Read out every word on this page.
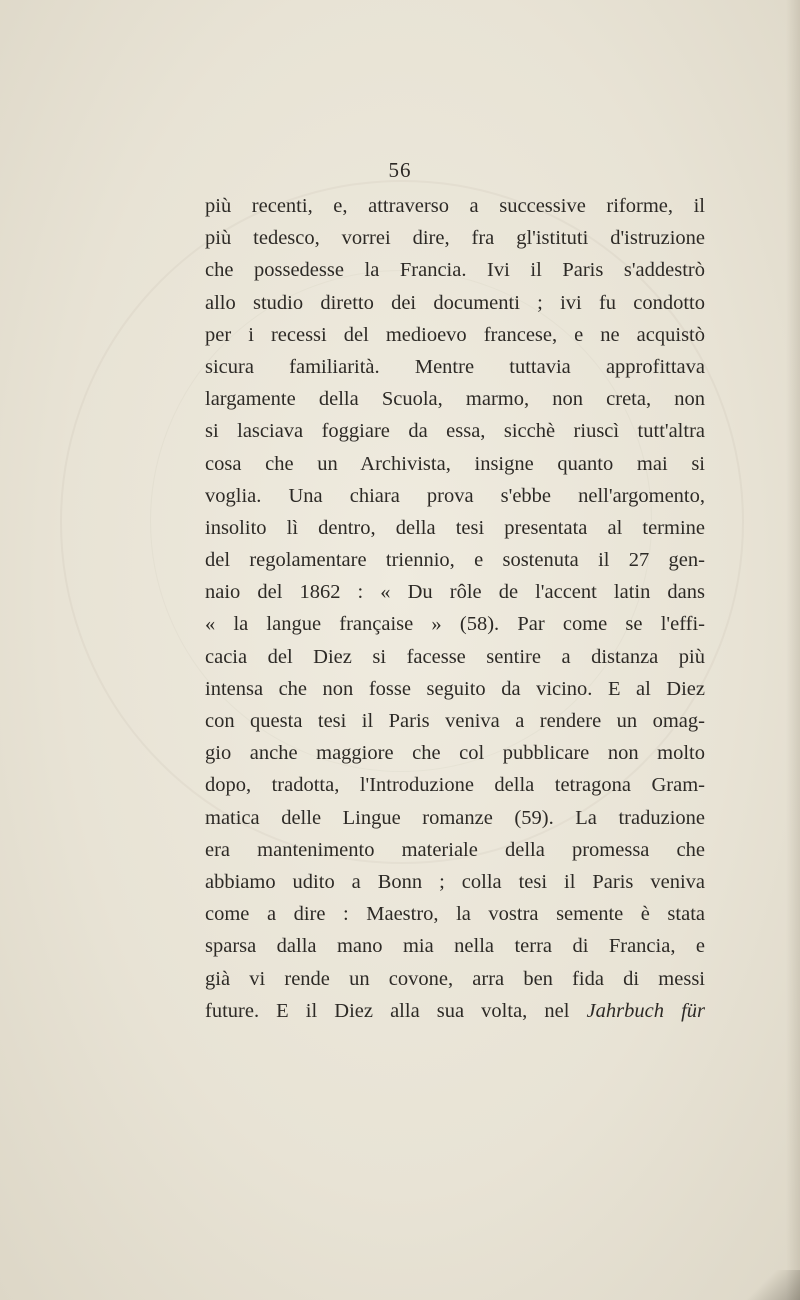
56
più recenti, e, attraverso a successive riforme, il
più tedesco, vorrei dire, fra gl'istituti d'istruzione
che possedesse la Francia. Ivi il Paris s'addestrò
allo studio diretto dei documenti ; ivi fu condotto
per i recessi del medioevo francese, e ne acquistò
sicura familiarità. Mentre tuttavia approfittava
largamente della Scuola, marmo, non creta, non
si lasciava foggiare da essa, sicchè riuscì tutt'altra
cosa che un Archivista, insigne quanto mai si
voglia. Una chiara prova s'ebbe nell'argomento,
insolito lì dentro, della tesi presentata al termine
del regolamentare triennio, e sostenuta il 27 gen-
naio del 1862 : « Du rôle de l'accent latin dans
« la langue française » (58). Par come se l'effi-
cacia del Diez si facesse sentire a distanza più
intensa che non fosse seguito da vicino. E al Diez
con questa tesi il Paris veniva a rendere un omag-
gio anche maggiore che col pubblicare non molto
dopo, tradotta, l'Introduzione della tetragona Gram-
matica delle Lingue romanze (59). La traduzione
era mantenimento materiale della promessa che
abbiamo udito a Bonn ; colla tesi il Paris veniva
come a dire : Maestro, la vostra semente è stata
sparsa dalla mano mia nella terra di Francia, e
già vi rende un covone, arra ben fida di messi
future. E il Diez alla sua volta, nel Jahrbuch für
